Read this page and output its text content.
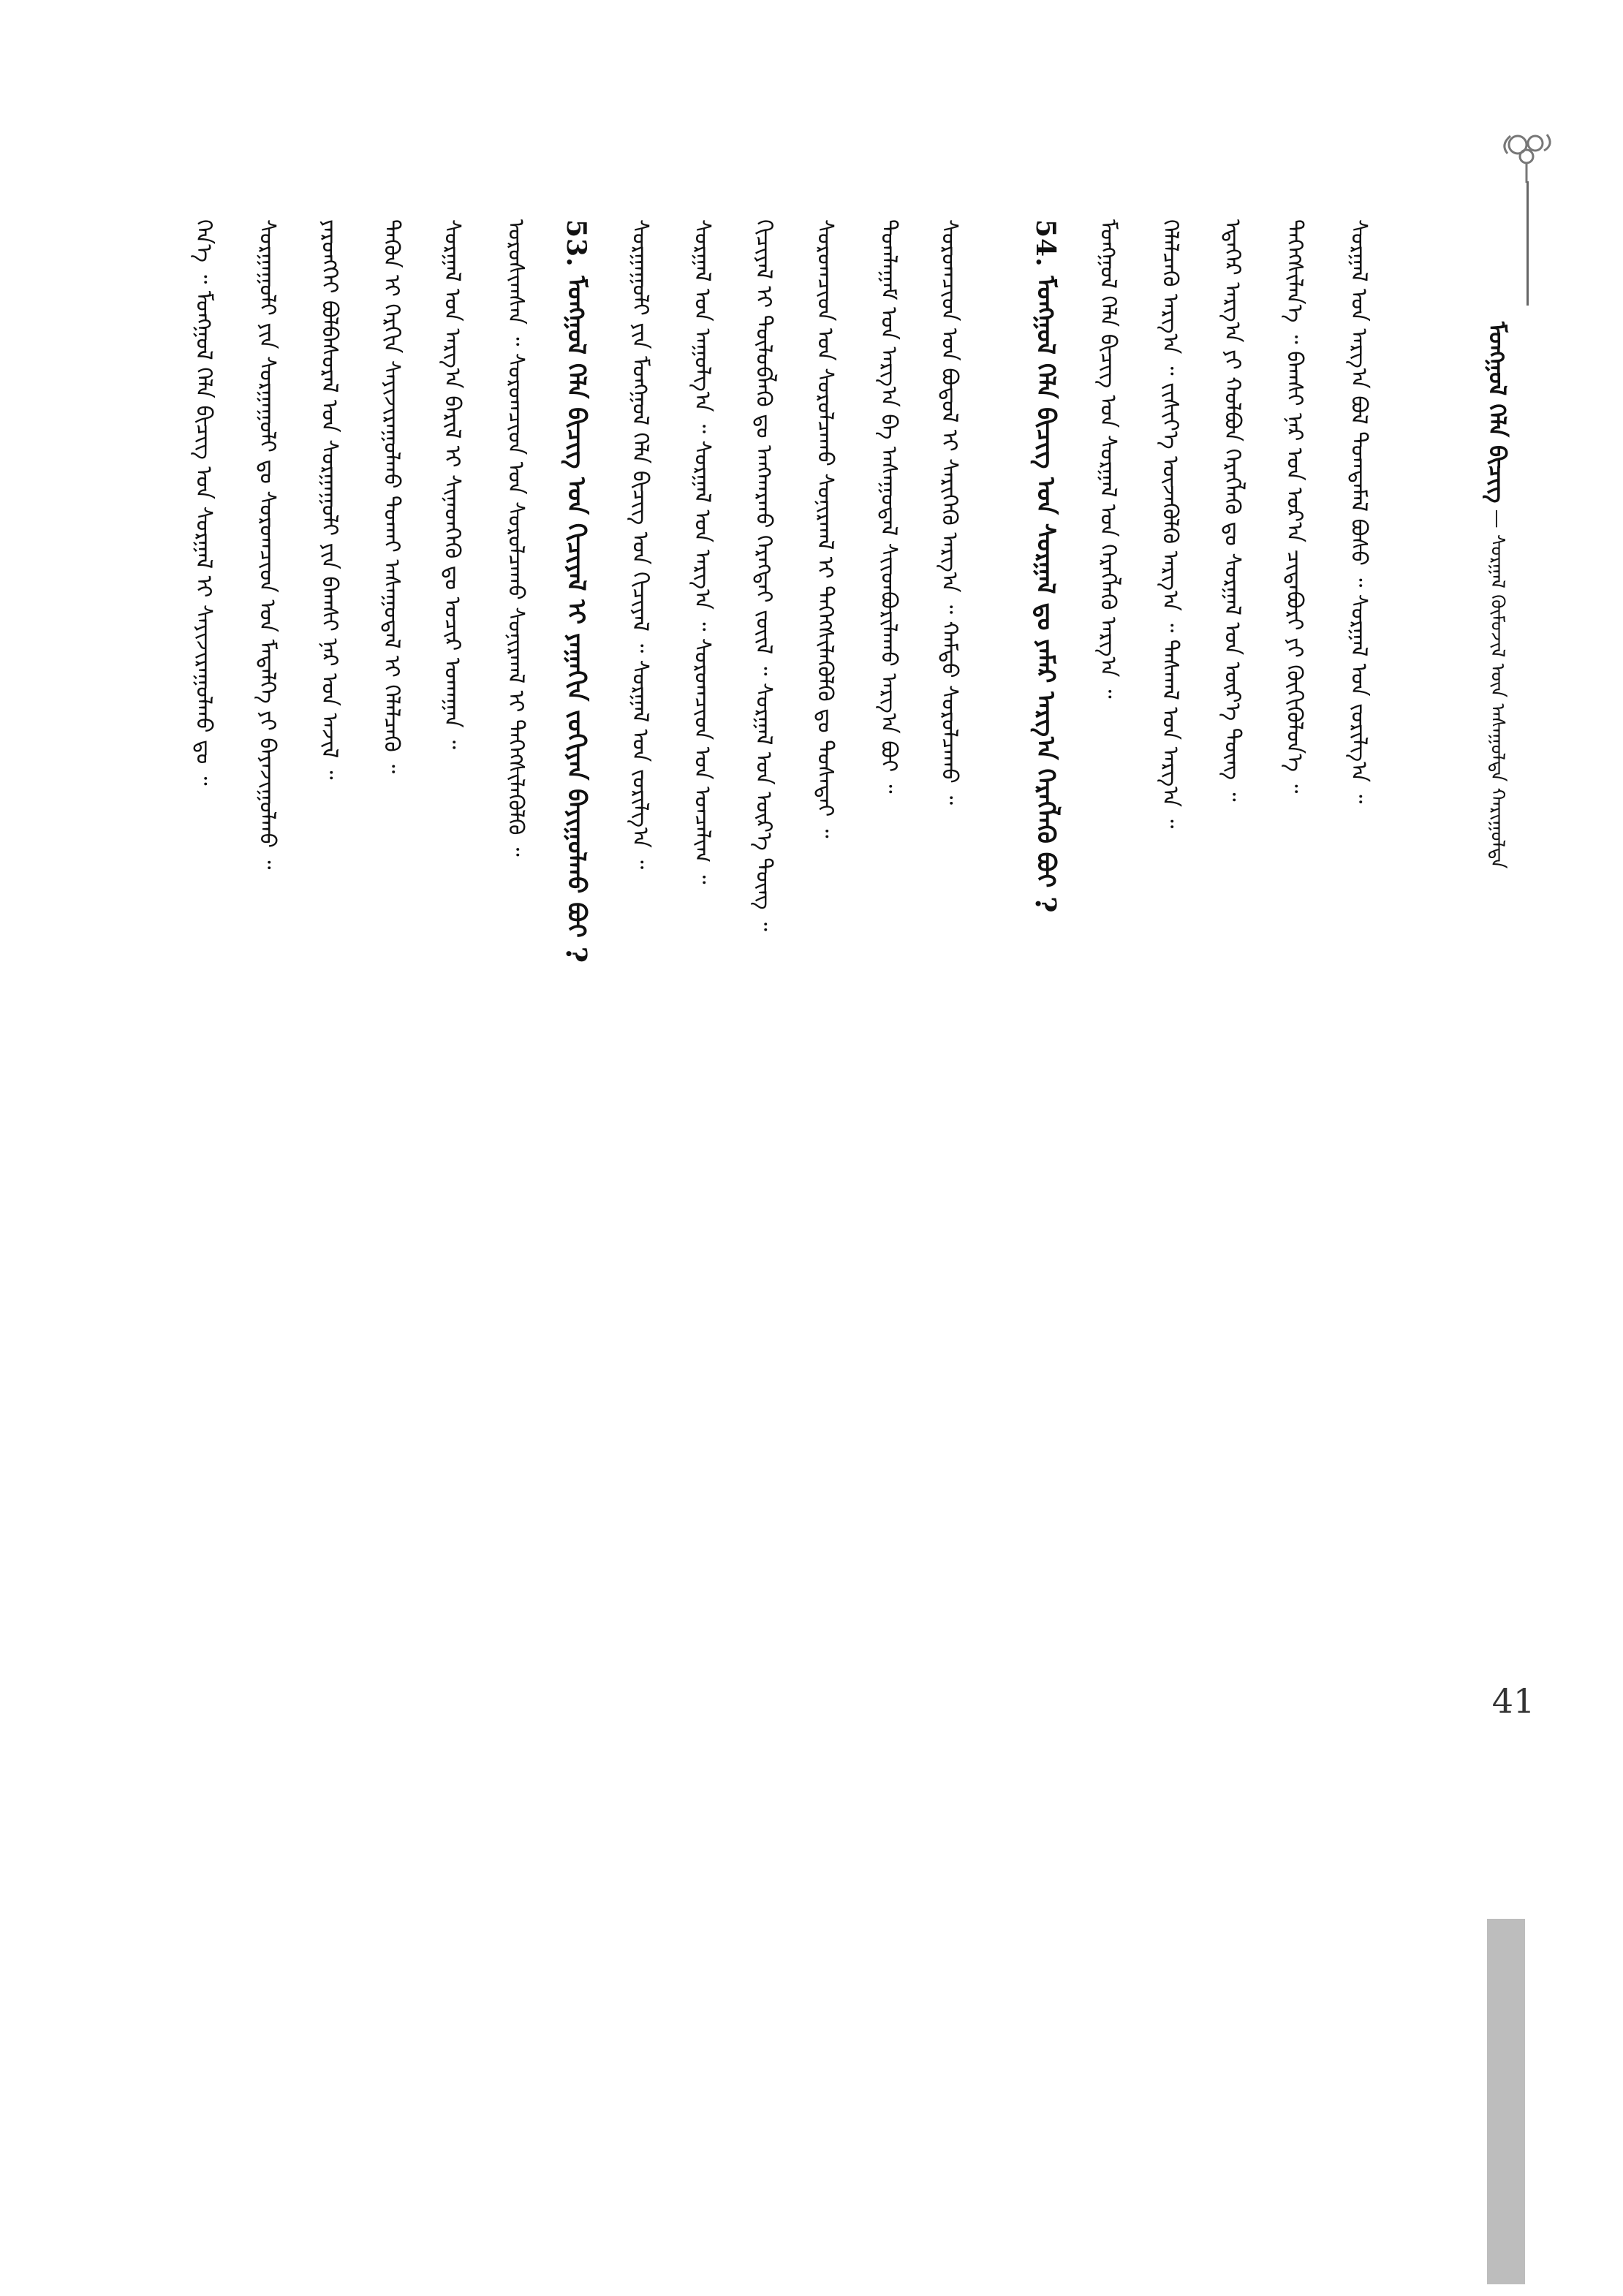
ᠮᠣᠩᠭᠣᠯ ᠬᠡᠯᠡ ᠪᠢᠴᠢᠭ — ᠰᠤᠷᠭᠠᠯ ᠬᠥᠮᠦᠵᠢᠯ ᠦᠨ ᠠᠰᠠᠭᠤᠯᠲᠠ ᠬᠠᠷᠢᠭᠤᠯᠲᠠ
41
ᠭᠡᠨ᠎ᠡ ᠃ ᠮᠣᠩᠭᠣᠯ ᠬᠡᠯᠡ ᠪᠢᠴᠢᠭ ᠤᠨ ᠰᠤᠷᠭᠠᠯ ᠢ ᠰᠠᠶᠢᠵᠢᠷᠠᠭᠤᠯᠬᠤ ᠳᠤ ᠃ ᠰᠤᠷᠭᠠᠭᠤᠯᠢ ᠶᠢᠨ ᠰᠤᠷᠭᠠᠭᠤᠯᠢ ᠳᠤ ᠰᠤᠷᠤᠭᠴᠢᠳ ᠤᠨ ᠮᠡᠳᠡᠯᠭᠡ ᠶᠢ ᠪᠠᠶᠠᠵᠢᠭᠤᠯᠬᠤ ᠃ ᠶᠡᠷᠦᠩᠬᠡᠢ ᠪᠣᠯᠪᠠᠰᠤᠷᠠᠯ ᠤᠨ ᠰᠤᠷᠭᠠᠭᠤᠯᠢ ᠶᠢᠨ ᠪᠠᠭᠰᠢ ᠨᠠᠷ ᠤᠨ ᠠᠵᠢᠯ ᠃ ᠲᠡᠭᠦᠨ ᠢ ᠬᠡᠷᠬᠢᠨ ᠰᠠᠶᠢᠵᠢᠷᠠᠭᠤᠯᠬᠤ ᠲᠤᠬᠠᠢ ᠠᠰᠠᠭᠤᠳᠠᠯ ᠢ ᠬᠡᠯᠡᠯᠴᠡᠬᠦ ᠃ ᠰᠤᠷᠭᠠᠯ ᠤᠨ ᠠᠷᠭ᠎ᠠ ᠪᠠᠷᠢᠯ ᠢ ᠰᠢᠨᠡᠳᠬᠡᠬᠦ ᠳᠤ ᠤᠴᠢᠷ ᠤᠬᠠᠭᠠᠨ ᠃ ᠤᠷᠤᠰᠢᠭᠰᠠᠨ ᠃ ᠰᠤᠷᠤᠭᠴᠢᠳ ᠤᠨ ᠰᠤᠷᠤᠯᠴᠠᠬᠤ ᠰᠣᠨᠢᠷᠬᠠᠯ ᠢ ᠳᠡᠭᠡᠭᠰᠢᠯᠡᠭᠦᠯᠬᠦ ᠃ 53. ᠮᠣᠩᠭᠣᠯ ᠬᠡᠯᠡ ᠪᠢᠴᠢᠭ ᠤᠨ ᠬᠢᠴᠢᠶᠡᠯ ᠢ ᠶᠠᠭᠠᠬᠢᠨ ᠵᠣᠬᠢᠶᠠᠨ ᠪᠠᠶᠢᠭᠤᠯᠬᠤ ᠪᠤᠢ ?
ᠰᠤᠷᠭᠠᠭᠤᠯᠢ ᠶᠢᠨ ᠮᠣᠩᠭᠣᠯ ᠬᠡᠯᠡ ᠪᠢᠴᠢᠭ ᠤᠨ ᠬᠢᠴᠢᠶᠡᠯ ᠃ ᠰᠤᠷᠭᠠᠯ ᠤᠨ ᠵᠣᠷᠢᠯᠭ᠎ᠠ ᠃ ᠰᠤᠷᠭᠠᠯ ᠤᠨ ᠠᠭᠤᠯᠭ᠎ᠠ ᠃ ᠰᠤᠷᠭᠠᠯ ᠤᠨ ᠠᠷᠭ᠎ᠠ ᠃ ᠰᠤᠷᠤᠭᠴᠢᠳ ᠤᠨ ᠣᠨᠴᠠᠯᠢᠭ ᠃ ᠬᠢᠴᠢᠶᠡᠯ ᠢ ᠲᠥᠯᠥᠪᠯᠡᠬᠦ ᠳᠤ ᠠᠩᠬᠠᠷᠬᠤ ᠬᠡᠷᠡᠭᠲᠡᠢ ᠵᠦᠢᠯ ᠃ ᠰᠤᠷᠭᠠᠯ ᠤᠨ ᠦᠷ᠎ᠡ ᠳᠦᠩ ᠃ ᠰᠤᠷᠤᠭᠴᠢᠳ ᠤᠨ ᠰᠤᠷᠤᠯᠴᠠᠬᠤ ᠰᠣᠨᠢᠷᠬᠠᠯ ᠢ ᠳᠡᠭᠡᠭᠰᠢᠯᠡᠭᠦᠯᠬᠦ ᠳᠤ ᠲᠤᠰᠠᠲᠠᠢ ᠃ ᠲᠣᠭᠯᠠᠭᠠᠮ ᠤᠨ ᠠᠷᠭ᠎ᠠ ᠪᠠ ᠠᠰᠠᠭᠤᠳᠠᠯ ᠰᠢᠢᠳᠪᠤᠷᠢᠯᠠᠬᠤ ᠠᠷᠭ᠎ᠠ ᠪᠤᠢ ᠃ ᠰᠤᠷᠤᠭᠴᠢᠳ ᠤᠨ ᠪᠣᠳᠤᠯ ᠢ ᠰᠡᠷᠢᠭᠡᠬᠦ ᠠᠷᠭ᠎ᠠ ᠃ ᠬᠠᠮᠲᠤ ᠰᠤᠷᠤᠯᠴᠠᠬᠤ ᠃	54. ᠮᠣᠩᠭᠣᠯ ᠬᠡᠯᠡ ᠪᠢᠴᠢᠭ ᠤᠨ ᠰᠤᠷᠭᠠᠯ ᠳᠤ ᠶᠠᠮᠠᠷ ᠠᠷᠭ᠎ᠠ ᠬᠡᠷᠡᠭᠯᠡᠬᠦ ᠪᠤᠢ ?
ᠮᠣᠩᠭᠣᠯ ᠬᠡᠯᠡ ᠪᠢᠴᠢᠭ ᠤᠨ ᠰᠤᠷᠭᠠᠯ ᠤᠨ ᠬᠡᠷᠡᠭᠯᠡᠬᠦ ᠠᠷᠭ᠎ᠠ ᠃ ᠬᠡᠯᠡᠯᠴᠡᠬᠦ ᠠᠷᠭ᠎ᠠ ᠃ ᠵᠢᠱᠢᠶ᠎ᠡ ᠦᠵᠡᠭᠦᠯᠬᠦ ᠠᠷᠭ᠎ᠠ ᠃ ᠳᠠᠰᠬᠠᠯ ᠤᠨ ᠠᠷᠭ᠎ᠠ ᠃ ᠡᠳᠡᠭᠡᠷ ᠠᠷᠭ᠎ᠠ ᠶᠢ ᠬᠣᠯᠪᠣᠨ ᠬᠡᠷᠡᠭᠯᠡᠬᠦ ᠳᠤ ᠰᠤᠷᠭᠠᠯ ᠤᠨ ᠦᠷ᠎ᠡ ᠳᠦᠩ ᠃ ᠳᠡᠭᠡᠭᠰᠢᠯᠡᠨ᠎ᠡ ᠃ ᠪᠠᠭᠰᠢ ᠨᠠᠷ ᠤᠨ ᠤᠷ᠎ᠠ ᠴᠢᠳᠠᠪᠤᠷᠢ ᠶᠢ ᠬᠥᠬᠢᠭᠦᠯᠦᠨ᠎ᠡ ᠃ ᠰᠤᠷᠭᠠᠯ ᠤᠨ ᠠᠷᠭ᠎ᠠ ᠪᠣᠯ ᠲᠣᠭᠲᠠᠮᠠᠯ ᠪᠤᠰᠤ ᠃ ᠰᠤᠷᠭᠠᠯ ᠤᠨ ᠵᠣᠷᠢᠯᠭ᠎ᠠ ᠃
